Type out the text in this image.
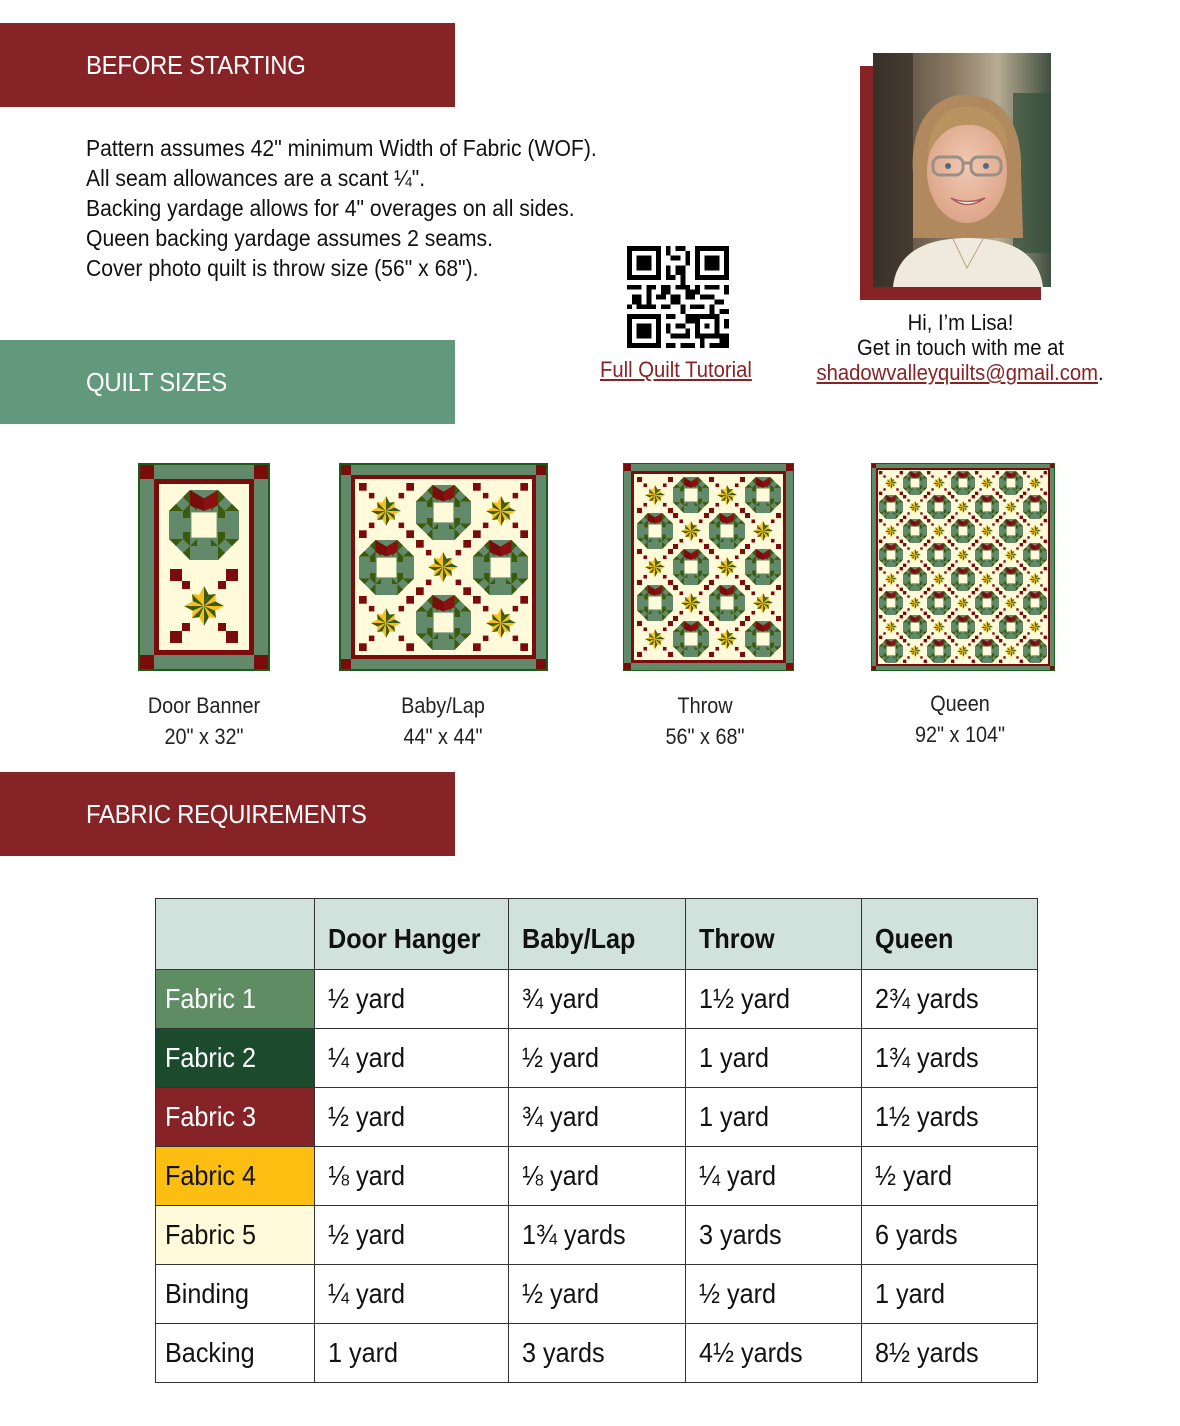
BEFORE STARTING
QUILT SIZES
FABRIC REQUIREMENTS
Pattern assumes 42" minimum Width of Fabric (WOF).
All seam allowances are a scant ¼".
Backing yardage allows for 4" overages on all sides.
Queen backing yardage assumes 2 seams.
Cover photo quilt is throw size (56" x 68").
Full Quilt Tutorial
Hi, I’m Lisa!
Get in touch with me at
shadowvalleyquilts@gmail.com.
Door Banner
20" x 32"
Baby/Lap
44" x 44"
Throw
56" x 68"
Queen
92" x 104"
	Door Hanger	Baby/Lap	Throw	Queen
Fabric 1	½ yard	¾ yard	1½ yard	2¾ yards
Fabric 2	¼ yard	½ yard	1 yard	1¾ yards
Fabric 3	½ yard	¾ yard	1 yard	1½ yards
Fabric 4	⅛ yard	⅛ yard	¼ yard	½ yard
Fabric 5	½ yard	1¾ yards	3 yards	6 yards
Binding	¼ yard	½ yard	½ yard	1 yard
Backing	1 yard	3 yards	4½ yards	8½ yards
